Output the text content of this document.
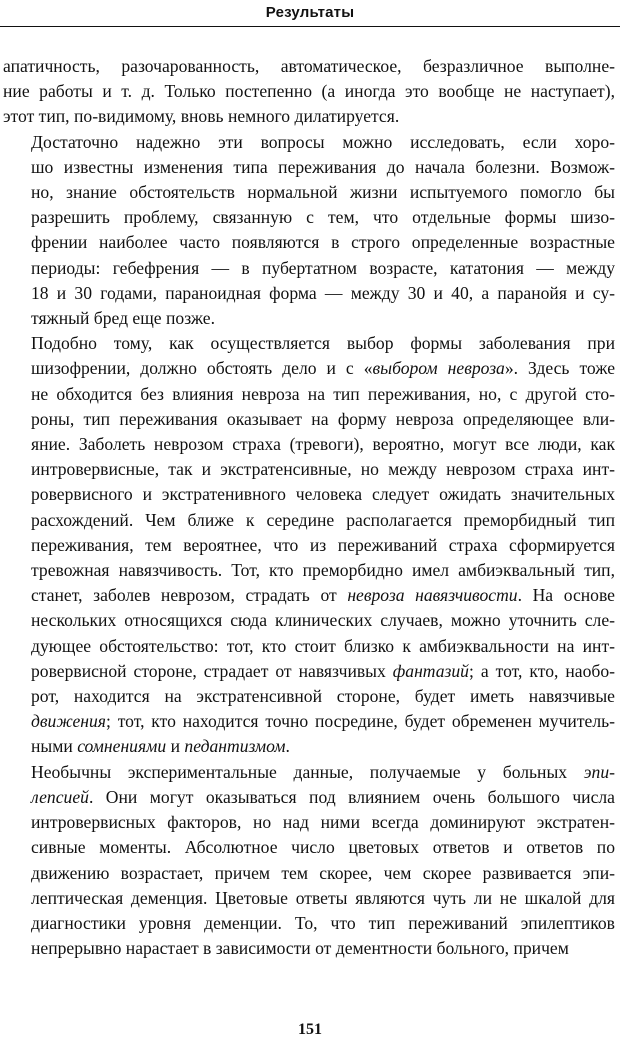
Результаты
апатичность, разочарованность, автоматическое, безразличное выполне-
ние работы и т. д. Только постепенно (а иногда это вообще не наступает),
этот тип, по-видимому, вновь немного дилатируется.
Достаточно надежно эти вопросы можно исследовать, если хоро-
шо известны изменения типа переживания до начала болезни. Возмож-
но, знание обстоятельств нормальной жизни испытуемого помогло бы
разрешить проблему, связанную с тем, что отдельные формы шизо-
френии наиболее часто появляются в строго определенные возрастные
периоды: гебефрения — в пубертатном возрасте, кататония — между
18 и 30 годами, параноидная форма — между 30 и 40, а паранойя и су-
тяжный бред еще позже.
Подобно тому, как осуществляется выбор формы заболевания при
шизофрении, должно обстоять дело и с «выбором невроза». Здесь тоже
не обходится без влияния невроза на тип переживания, но, с другой сто-
роны, тип переживания оказывает на форму невроза определяющее вли-
яние. Заболеть неврозом страха (тревоги), вероятно, могут все люди, как
интровервисные, так и экстратенсивные, но между неврозом страха инт-
ровервисного и экстратенивного человека следует ожидать значительных
расхождений. Чем ближе к середине располагается преморбидный тип
переживания, тем вероятнее, что из переживаний страха сформируется
тревожная навязчивость. Тот, кто преморбидно имел амбиэквальный тип,
станет, заболев неврозом, страдать от невроза навязчивости. На основе
нескольких относящихся сюда клинических случаев, можно уточнить сле-
дующее обстоятельство: тот, кто стоит близко к амбиэквальности на инт-
ровервисной стороне, страдает от навязчивых фантазий; а тот, кто, наобо-
рот, находится на экстратенсивной стороне, будет иметь навязчивые
движения; тот, кто находится точно посредине, будет обременен мучитель-
ными сомнениями и педантизмом.
Необычны экспериментальные данные, получаемые у больных эпи-
лепсией. Они могут оказываться под влиянием очень большого числа
интровервисных факторов, но над ними всегда доминируют экстратен-
сивные моменты. Абсолютное число цветовых ответов и ответов по
движению возрастает, причем тем скорее, чем скорее развивается эпи-
лептическая деменция. Цветовые ответы являются чуть ли не шкалой для
диагностики уровня деменции. То, что тип переживаний эпилептиков
непрерывно нарастает в зависимости от дементности больного, причем
151
